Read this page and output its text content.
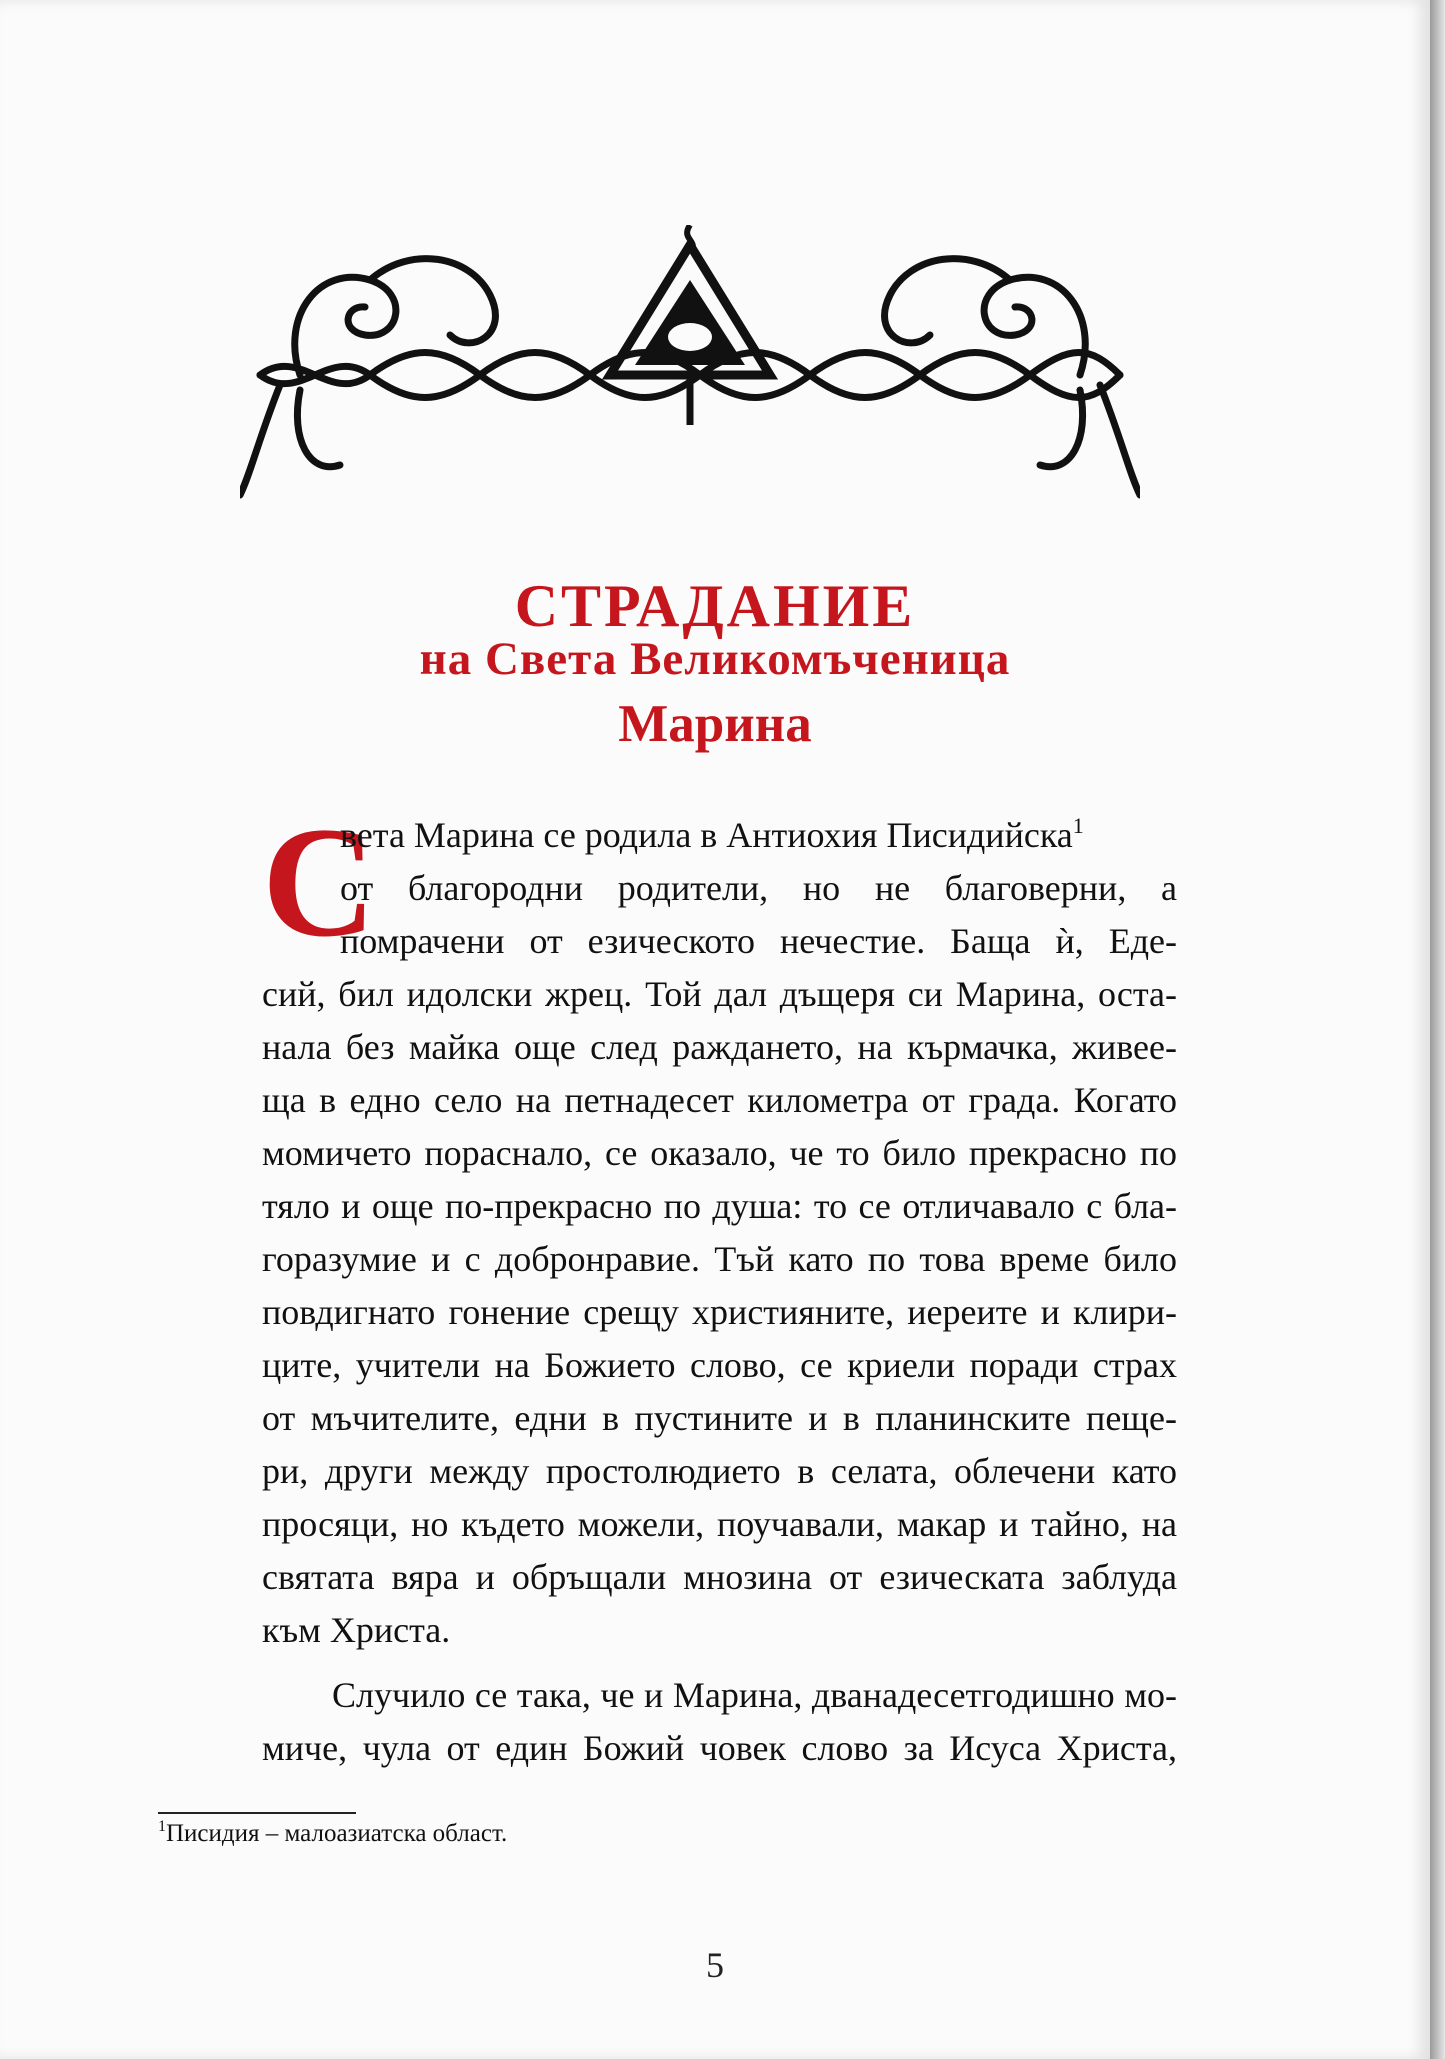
СТРАДАНИЕ
на Света Великомъченица
Марина
С

вета Марина се родила в Антиохия Писидийска$^1$

от благородни родители, но не благоверни, а

помрачени от езическото нечестие. Баща ѝ, Еде-

сий, бил идолски жрец. Той дал дъщеря си Марина, оста-

нала без майка още след раждането, на кърмачка, живее-

ща в едно село на петнадесет километра от града. Когато

момичето пораснало, се оказало, че то било прекрасно по

тяло и още по-прекрасно по душа: то се отличавало с бла-

горазумие и с добронравие. Тъй като по това време било

повдигнато гонение срещу християните, иереите и клири-

ците, учители на Божието слово, се криели поради страх

от мъчителите, едни в пустините и в планинските пеще-

ри, други между простолюдието в селата, облечени като

просяци, но където можели, поучавали, макар и тайно, на

святата вяра и обръщали мнозина от езическата заблуда

към Христа.

Случило се така, че и Марина, дванадесетгодишно мо-

миче, чула от един Божий човек слово за Исуса Христа,

$^1$Писидия – малоазиатска област.

5
